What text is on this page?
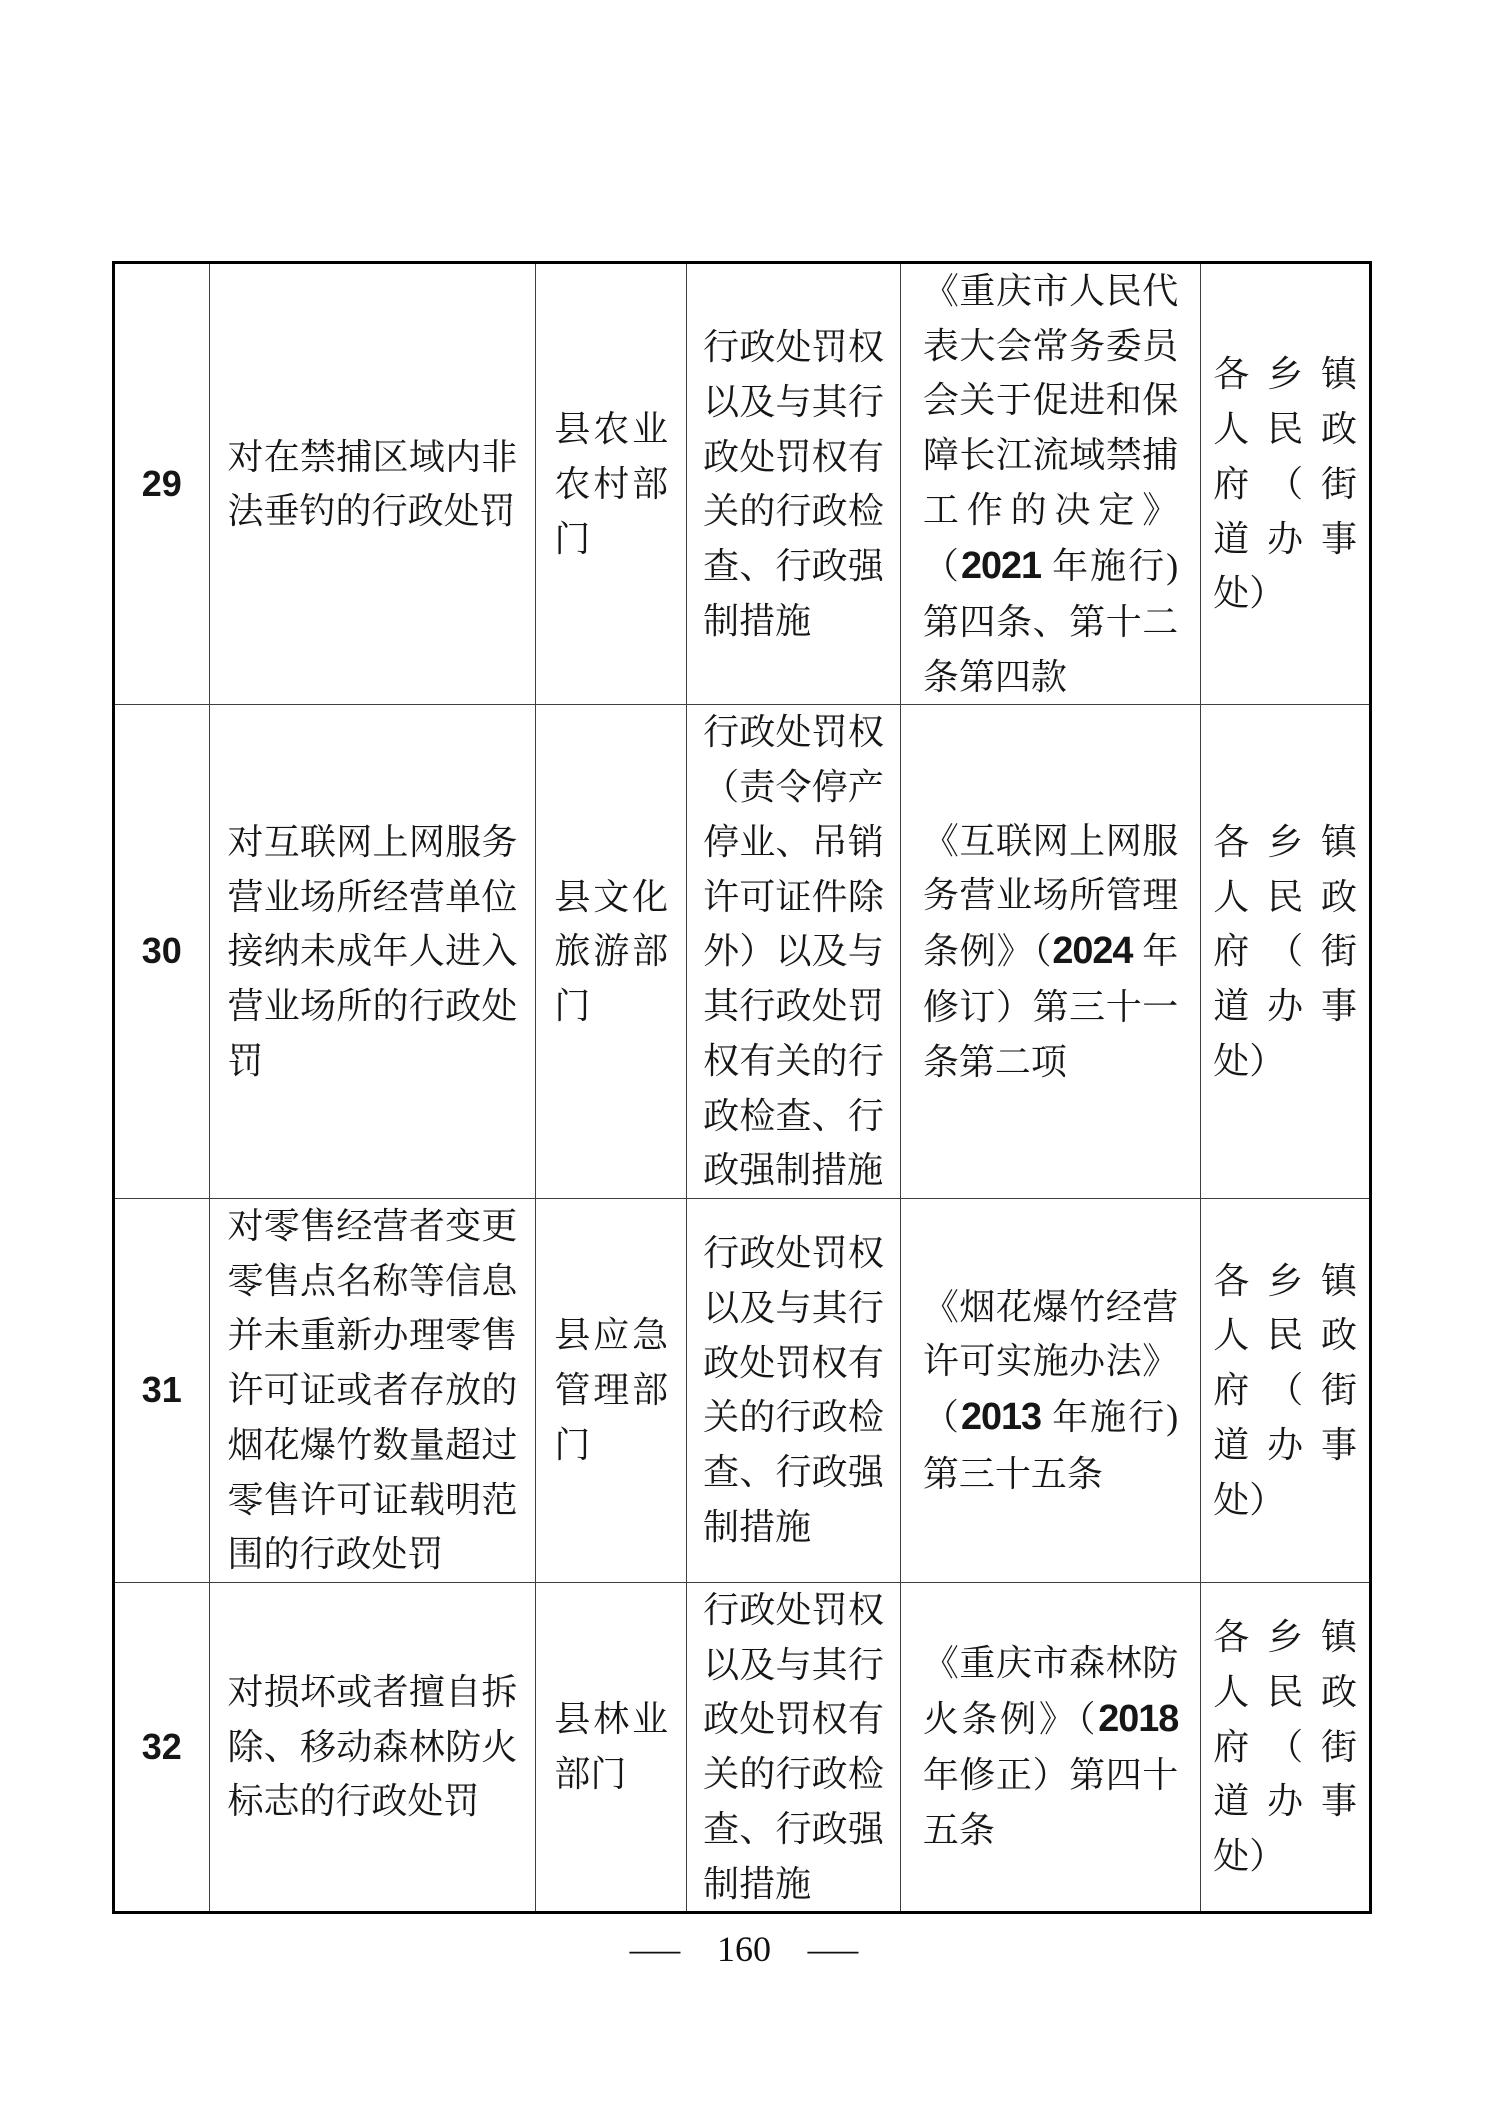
29	对在禁捕区域内非法垂钓的行政处罚	县农业农村部门	行政处罚权以及与其行政处罚权有关的行政检查、行政强制措施	《重庆市人民代表大会常务委员会关于促进和保障长江流域禁捕工作的决定》（2021 年施行)第四条、第十二条第四款	各乡镇人民政府（街道办事处）
30	对互联网上网服务营业场所经营单位接纳未成年人进入营业场所的行政处罚	县文化旅游部门	行政处罚权（责令停产停业、吊销许可证件除外）以及与其行政处罚权有关的行政检查、行政强制措施	《互联网上网服务营业场所管理条例》（2024 年修订）第三十一条第二项	各乡镇人民政府（街道办事处）
31	对零售经营者变更零售点名称等信息并未重新办理零售许可证或者存放的烟花爆竹数量超过零售许可证载明范围的行政处罚	县应急管理部门	行政处罚权以及与其行政处罚权有关的行政检查、行政强制措施	《烟花爆竹经营许可实施办法》（2013 年施行)第三十五条	各乡镇人民政府（街道办事处）
32	对损坏或者擅自拆除、移动森林防火标志的行政处罚	县林业部门	行政处罚权以及与其行政处罚权有关的行政检查、行政强制措施	《重庆市森林防火条例》（2018 年修正）第四十五条	各乡镇人民政府（街道办事处）
— 160 —
